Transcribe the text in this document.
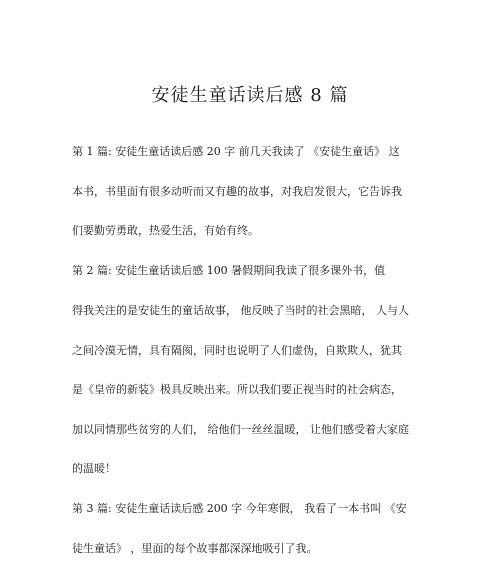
安徒生童话读后感 8 篇
第 1 篇: 安徒生童话读后感 20 字 前几天我读了 《安徒生童话》 这
本书，书里面有很多动听而又有趣的故事，对我启发很大，它告诉我
们要勤劳勇敢，热爱生活，有始有终。
第 2 篇: 安徒生童话读后感 100 暑假期间我读了很多课外书，值
得我关注的是安徒生的童话故事， 他反映了当时的社会黑暗， 人与人
之间冷漠无情，具有隔阂，同时也说明了人们虚伪，自欺欺人，犹其
是《皇帝的新装》极具反映出来。所以我们要正视当时的社会病态，
加以同情那些贫穷的人们， 给他们一丝丝温暖， 让他们感受着大家庭
的温暖！
第 3 篇: 安徒生童话读后感 200 字 今年寒假， 我看了一本书叫 《安
徒生童话》 ，里面的每个故事都深深地吸引了我。
